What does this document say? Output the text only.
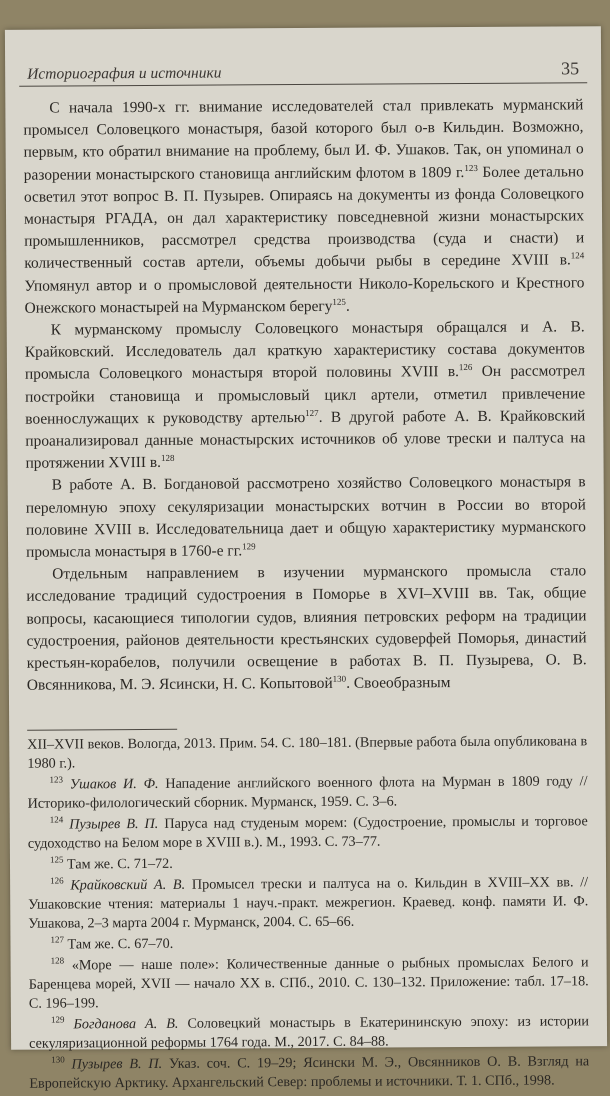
Историография и источники	35

С начала 1990-х гг. внимание исследователей стал привлекать мурманский промысел Соловецкого монастыря, базой которого был о-в Кильдин. Возможно, первым, кто обратил внимание на проблему, был И. Ф. Ушаков. Так, он упоминал о разорении монастырского становища английским флотом в 1809 г.$^{123}$ Более детально осветил этот вопрос В. П. Пузырев. Опираясь на документы из фонда Соловецкого монастыря РГАДА, он дал характеристику повседневной жизни монастырских промышленников, рассмотрел средства производства (суда и снасти) и количественный состав артели, объемы добычи рыбы в середине XVIII в.$^{124}$ Упомянул автор и о промысловой деятельности Николо-Корельского и Крестного Онежского монастырей на Мурманском берегу$^{125}$.

К мурманскому промыслу Соловецкого монастыря обращался и А. В. Крайковский. Исследователь дал краткую характеристику состава документов промысла Соловецкого монастыря второй половины XVIII в.$^{126}$ Он рассмотрел постройки становища и промысловый цикл артели, отметил привлечение военнослужащих к руководству артелью$^{127}$. В другой работе А. В. Крайковский проанализировал данные монастырских источников об улове трески и палтуса на протяжении XVIII в.$^{128}$

В работе А. В. Богдановой рассмотрено хозяйство Соловецкого монастыря в переломную эпоху секуляризации монастырских вотчин в России во второй половине XVIII в. Исследовательница дает и общую характеристику мурманского промысла монастыря в 1760-е гг.$^{129}$

Отдельным направлением в изучении мурманского промысла стало исследование традиций судостроения в Поморье в XVI–XVIII вв. Так, общие вопросы, касающиеся типологии судов, влияния петровских реформ на традиции судостроения, районов деятельности крестьянских судоверфей Поморья, династий крестьян-корабелов, получили освещение в работах В. П. Пузырева, О. В. Овсянникова, М. Э. Ясински, Н. С. Копытовой$^{130}$. Своеобразным

XII–XVII веков. Вологда, 2013. Прим. 54. С. 180–181. (Впервые работа была опубликована в 1980 г.).

$^{123}$ Ушаков И. Ф. Нападение английского военного флота на Мурман в 1809 году // Историко-филологический сборник. Мурманск, 1959. С. 3–6.

$^{124}$ Пузырев В. П. Паруса над студеным морем: (Судостроение, промыслы и торговое судоходство на Белом море в XVIII в.). М., 1993. С. 73–77.

$^{125}$ Там же. С. 71–72.

$^{126}$ Крайковский А. В. Промысел трески и палтуса на о. Кильдин в XVIII–XX вв. // Ушаковские чтения: материалы 1 науч.-практ. межрегион. Краевед. конф. памяти И. Ф. Ушакова, 2–3 марта 2004 г. Мурманск, 2004. С. 65–66.

$^{127}$ Там же. С. 67–70.

$^{128}$ «Море — наше поле»: Количественные данные о рыбных промыслах Белого и Баренцева морей, XVII — начало XX в. СПб., 2010. С. 130–132. Приложение: табл. 17–18. С. 196–199.

$^{129}$ Богданова А. В. Соловецкий монастырь в Екатерининскую эпоху: из истории секуляризационной реформы 1764 года. М., 2017. С. 84–88.

$^{130}$ Пузырев В. П. Указ. соч. С. 19–29; Ясински М. Э., Овсянников О. В. Взгляд на Европейскую Арктику. Архангельский Север: проблемы и источники. Т. 1. СПб., 1998.
